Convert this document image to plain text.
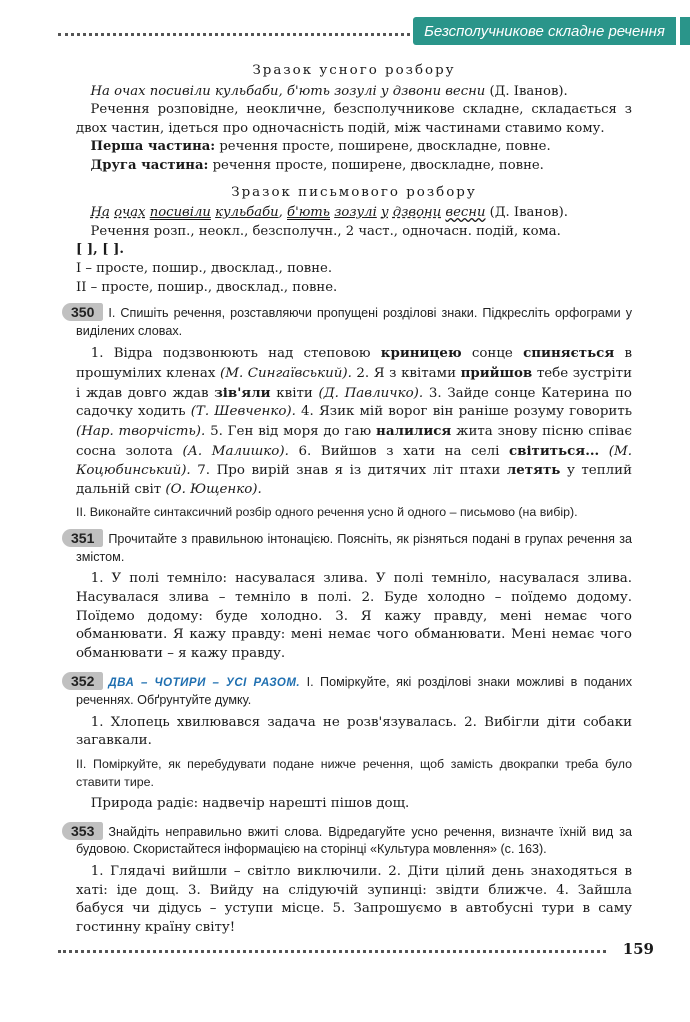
Безсполучникове складне речення

Зразок усного розбору

На очах посивіли кульбаби, б'ють зозулі у дзвони весни (Д. Іванов).

Речення розповідне, неокличне, безсполучникове складне, складається з двох частин, ідеться про одночасність подій, між частинами ставимо кому.

Перша частина: речення просте, поширене, двоскладне, повне.

Друга частина: речення просте, поширене, двоскладне, повне.

Зразок письмового розбору

На очах посивіли кульбаби, б'ють зозулі у дзвони весни (Д. Іванов).

Речення розп., неокл., безсполучн., 2 част., одночасн. подій, кома.

[ ], [ ].

І – просте, пошир., двосклад., повне.

ІІ – просте, пошир., двосклад., повне.

350 І. Спишіть речення, розставляючи пропущені розділові знаки. Підкресліть орфограми у виділених словах.

1. Відра подзвонюють над степовою криницею сонце спиняється в прошумілих кленах (М. Сингаївський). 2. Я з квітами прийшов тебе зустріти і ждав довго ждав зів'яли квіти (Д. Павличко). 3. Зайде сонце Катерина по садочку ходить (Т. Шевченко). 4. Язик мій ворог він раніше розуму говорить (Нар. творчість). 5. Ген від моря до гаю налилися жита знову пісню співає сосна золота (А. Малишко). 6. Вийшов з хати на селі світиться... (М. Коцюбинський). 7. Про вирій знав я із дитячих літ птахи летять у теплий дальній світ (О. Ющенко).

ІІ. Виконайте синтаксичний розбір одного речення усно й одного – письмово (на вибір).

351 Прочитайте з правильною інтонацією. Поясніть, як різняться подані в групах речення за змістом.

1. У полі темніло: насувалася злива. У полі темніло, насувалася злива. Насувалася злива – темніло в полі. 2. Буде холодно – поїдемо додому. Поїдемо додому: буде холодно. 3. Я кажу правду, мені немає чого обманювати. Я кажу правду: мені немає чого обманювати. Мені немає чого обманювати – я кажу правду.

352 ДВА – ЧОТИРИ – УСІ РАЗОМ. І. Поміркуйте, які розділові знаки можливі в поданих реченнях. Обґрунтуйте думку.

1. Хлопець хвилювався задача не розв'язувалась. 2. Вибігли діти собаки загавкали.

ІІ. Поміркуйте, як перебудувати подане нижче речення, щоб замість двокрапки треба було ставити тире.

Природа радіє: надвечір нарешті пішов дощ.

353 Знайдіть неправильно вжиті слова. Відредагуйте усно речення, визначте їхній вид за будовою. Скористайтеся інформацією на сторінці «Культура мовлення» (с. 163).

1. Глядачі вийшли – світло виключили. 2. Діти цілий день знаходяться в хаті: іде дощ. 3. Вийду на слідуючій зупинці: звідти ближче. 4. Зайшла бабуся чи дідусь – уступи місце. 5. Запрошуємо в автобусні тури в саму гостинну країну світу!

159
